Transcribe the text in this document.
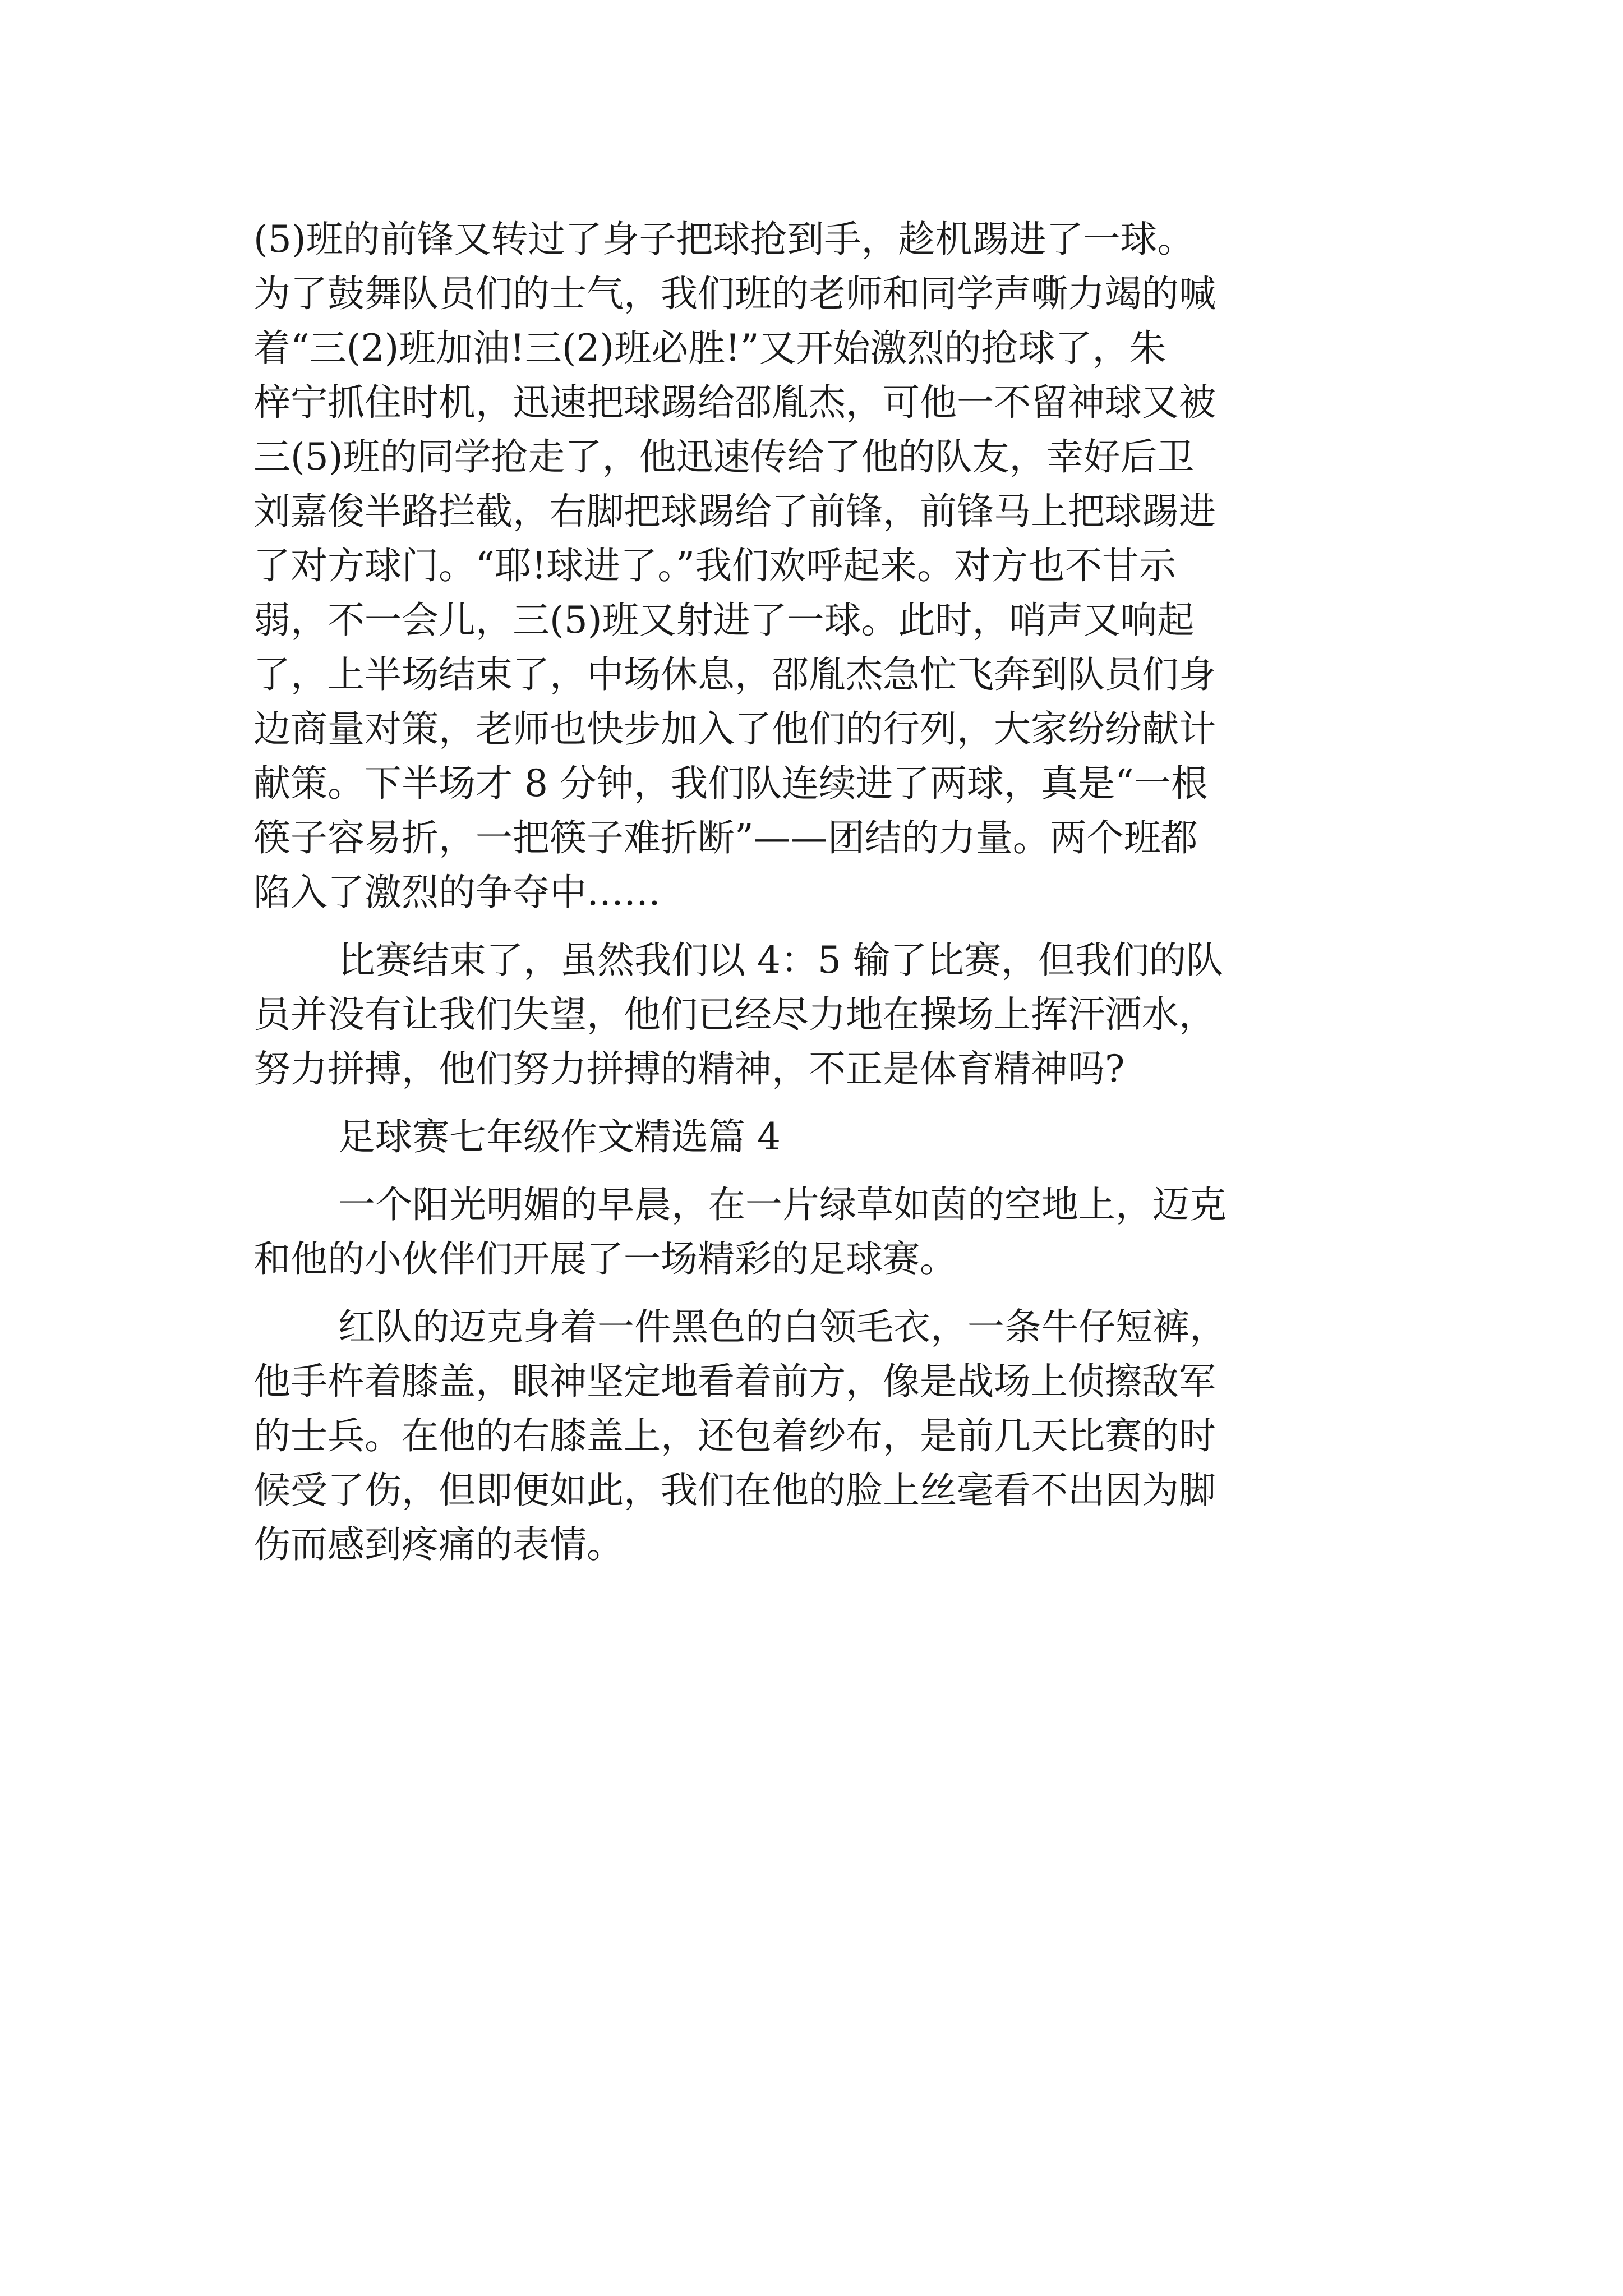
(5)班的前锋又转过了身子把球抢到手，趁机踢进了一球。
为了鼓舞队员们的士气，我们班的老师和同学声嘶力竭的喊
着“三(2)班加油!三(2)班必胜!”又开始激烈的抢球了，朱
梓宁抓住时机，迅速把球踢给邵胤杰，可他一不留神球又被
三(5)班的同学抢走了，他迅速传给了他的队友，幸好后卫
刘嘉俊半路拦截，右脚把球踢给了前锋，前锋马上把球踢进
了对方球门。“耶!球进了。”我们欢呼起来。对方也不甘示
弱，不一会儿，三(5)班又射进了一球。此时，哨声又响起
了，上半场结束了，中场休息，邵胤杰急忙飞奔到队员们身
边商量对策，老师也快步加入了他们的行列，大家纷纷献计
献策。下半场才 8 分钟，我们队连续进了两球，真是“一根
筷子容易折，一把筷子难折断”——团结的力量。两个班都
陷入了激烈的争夺中……
比赛结束了，虽然我们以 4：5 输了比赛，但我们的队
员并没有让我们失望，他们已经尽力地在操场上挥汗洒水，
努力拼搏，他们努力拼搏的精神，不正是体育精神吗?
足球赛七年级作文精选篇 4
一个阳光明媚的早晨，在一片绿草如茵的空地上，迈克
和他的小伙伴们开展了一场精彩的足球赛。
红队的迈克身着一件黑色的白领毛衣，一条牛仔短裤，
他手杵着膝盖，眼神坚定地看着前方，像是战场上侦擦敌军
的士兵。在他的右膝盖上，还包着纱布，是前几天比赛的时
候受了伤，但即便如此，我们在他的脸上丝毫看不出因为脚
伤而感到疼痛的表情。
